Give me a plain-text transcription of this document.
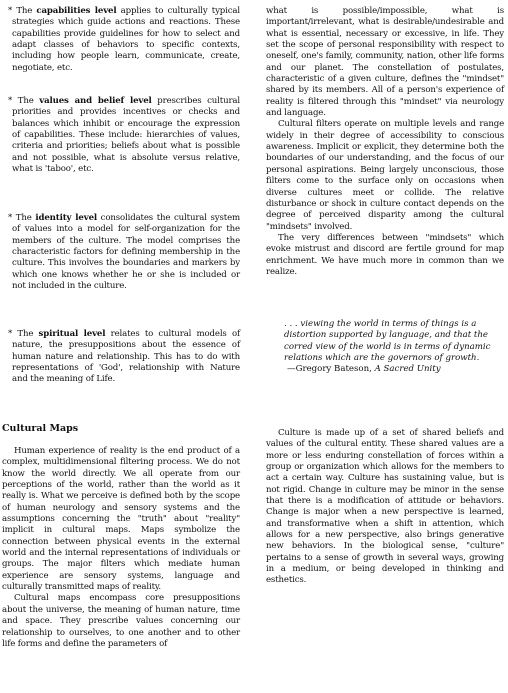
* The capabilities level applies to culturally typical strategies which guide actions and reactions. These capabilities provide guidelines for how to select and adapt classes of behaviors to specific contexts, including how people learn, communicate, create, negotiate, etc.

* The values and belief level prescribes cultural priorities and provides incentives or checks and balances which inhibit or encourage the expression of capabilities. These include: hierarchies of values, criteria and priorities; beliefs about what is possible and not possible, what is absolute versus relative, what is 'taboo', etc.

* The identity level consolidates the cultural system of values into a model for self-organization for the members of the culture. The model comprises the characteristic factors for defining membership in the culture. This involves the boundaries and markers by which one knows whether he or she is included or not included in the culture.

* The spiritual level relates to cultural models of nature, the presuppositions about the essence of human nature and relationship. This has to do with representations of 'God', relationship with Nature and the meaning of Life.

Cultural Maps

Human experience of reality is the end product of a complex, multidimensional filtering process. We do not know the world directly. We all operate from our perceptions of the world, rather than the world as it really is. What we perceive is defined both by the scope of human neurology and sensory systems and the assumptions concerning the "truth" about "reality" implicit in cultural maps. Maps symbolize the connection between physical events in the external world and the internal representations of individuals or groups. The major filters which mediate human experience are sensory systems, language and culturally transmitted maps of reality.

Cultural maps encompass core presuppositions about the universe, the meaning of human nature, time and space. They prescribe values concerning our relationship to ourselves, to one another and to other life forms and define the parameters of

what is possible/impossible, what is important/irrelevant, what is desirable/undesirable and what is essential, necessary or excessive, in life. They set the scope of personal responsibility with respect to oneself, one's family, community, nation, other life forms and our planet. The constellation of postulates, characteristic of a given culture, defines the "mindset" shared by its members. All of a person's experience of reality is filtered through this "mindset" via neurology and language.

Cultural filters operate on multiple levels and range widely in their degree of accessibility to conscious awareness. Implicit or explicit, they determine both the boundaries of our understanding, and the focus of our personal aspirations. Being largely unconscious, those filters come to the surface only on occasions when diverse cultures meet or collide. The relative disturbance or shock in culture contact depends on the degree of perceived disparity among the cultural "mindsets" involved.

The very differences between "mindsets" which evoke mistrust and discord are fertile ground for map enrichment. We have much more in common than we realize.

. . . viewing the world in terms of things is a distortion supported by language, and that the corred view of the world is in terms of dynamic relations which are the governors of growth.

—Gregory Bateson, A Sacred Unity

Culture is made up of a set of shared beliefs and values of the cultural entity. These shared values are a more or less enduring constellation of forces within a group or organization which allows for the members to act a certain way. Culture has sustaining value, but is not rigid. Change in culture may be minor in the sense that there is a modification of attitude or behaviors. Change is major when a new perspective is learned, and transformative when a shift in attention, which allows for a new perspective, also brings generative new behaviors. In the biological sense, "culture" pertains to a sense of growth in several ways, growing in a medium, or being developed in thinking and esthetics.
